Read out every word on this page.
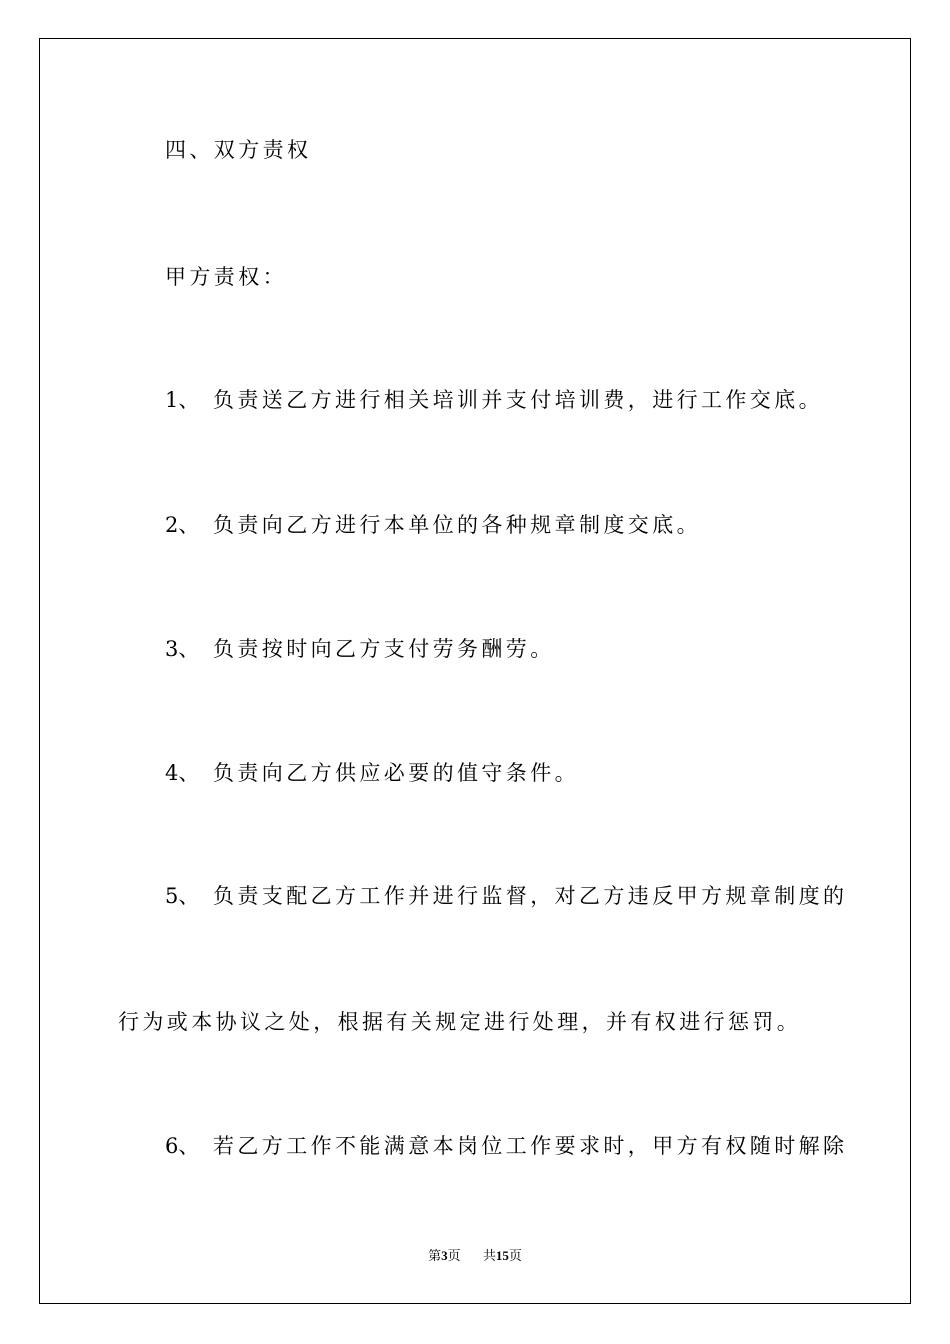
四、双方责权
甲方责权：
1、 负责送乙方进行相关培训并支付培训费，进行工作交底。
2、 负责向乙方进行本单位的各种规章制度交底。
3、 负责按时向乙方支付劳务酬劳。
4、 负责向乙方供应必要的值守条件。
5、 负责支配乙方工作并进行监督，对乙方违反甲方规章制度的
行为或本协议之处，根据有关规定进行处理，并有权进行惩罚。
6、 若乙方工作不能满意本岗位工作要求时，甲方有权随时解除
第3页 共15页
